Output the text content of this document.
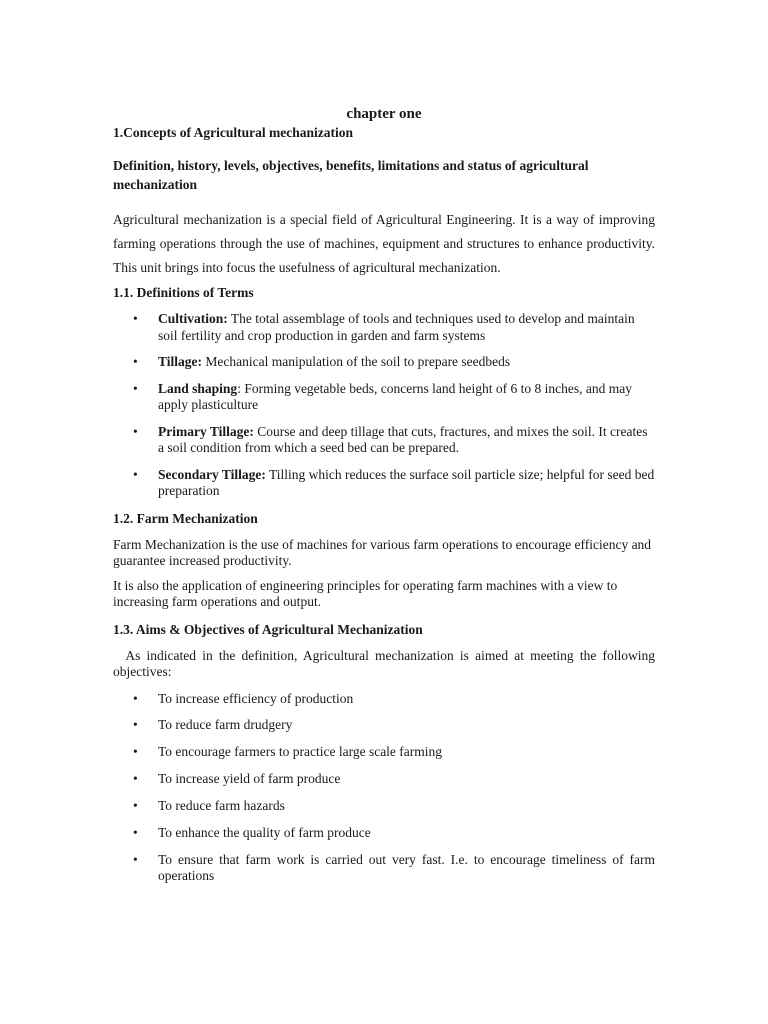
chapter one
1.Concepts of Agricultural mechanization
Definition, history, levels, objectives, benefits, limitations and status of agricultural mechanization
Agricultural mechanization is a special field of Agricultural Engineering. It is a way of improving farming operations through the use of machines, equipment and structures to enhance productivity. This unit brings into focus the usefulness of agricultural mechanization.
1.1. Definitions of Terms
• Cultivation: The total assemblage of tools and techniques used to develop and maintain soil fertility and crop production in garden and farm systems
• Tillage: Mechanical manipulation of the soil to prepare seedbeds
• Land shaping: Forming vegetable beds, concerns land height of 6 to 8 inches, and may apply plasticulture
• Primary Tillage: Course and deep tillage that cuts, fractures, and mixes the soil. It creates a soil condition from which a seed bed can be prepared.
• Secondary Tillage: Tilling which reduces the surface soil particle size; helpful for seed bed preparation
1.2. Farm Mechanization
Farm Mechanization is the use of machines for various farm operations to encourage efficiency and guarantee increased productivity.
It is also the application of engineering principles for operating farm machines with a view to increasing farm operations and output.
1.3. Aims & Objectives of Agricultural Mechanization
As indicated in the definition, Agricultural mechanization is aimed at meeting the following objectives:
• To increase efficiency of production
• To reduce farm drudgery
• To encourage farmers to practice large scale farming
• To increase yield of farm produce
• To reduce farm hazards
• To enhance the quality of farm produce
• To ensure that farm work is carried out very fast. I.e. to encourage timeliness of farm operations
